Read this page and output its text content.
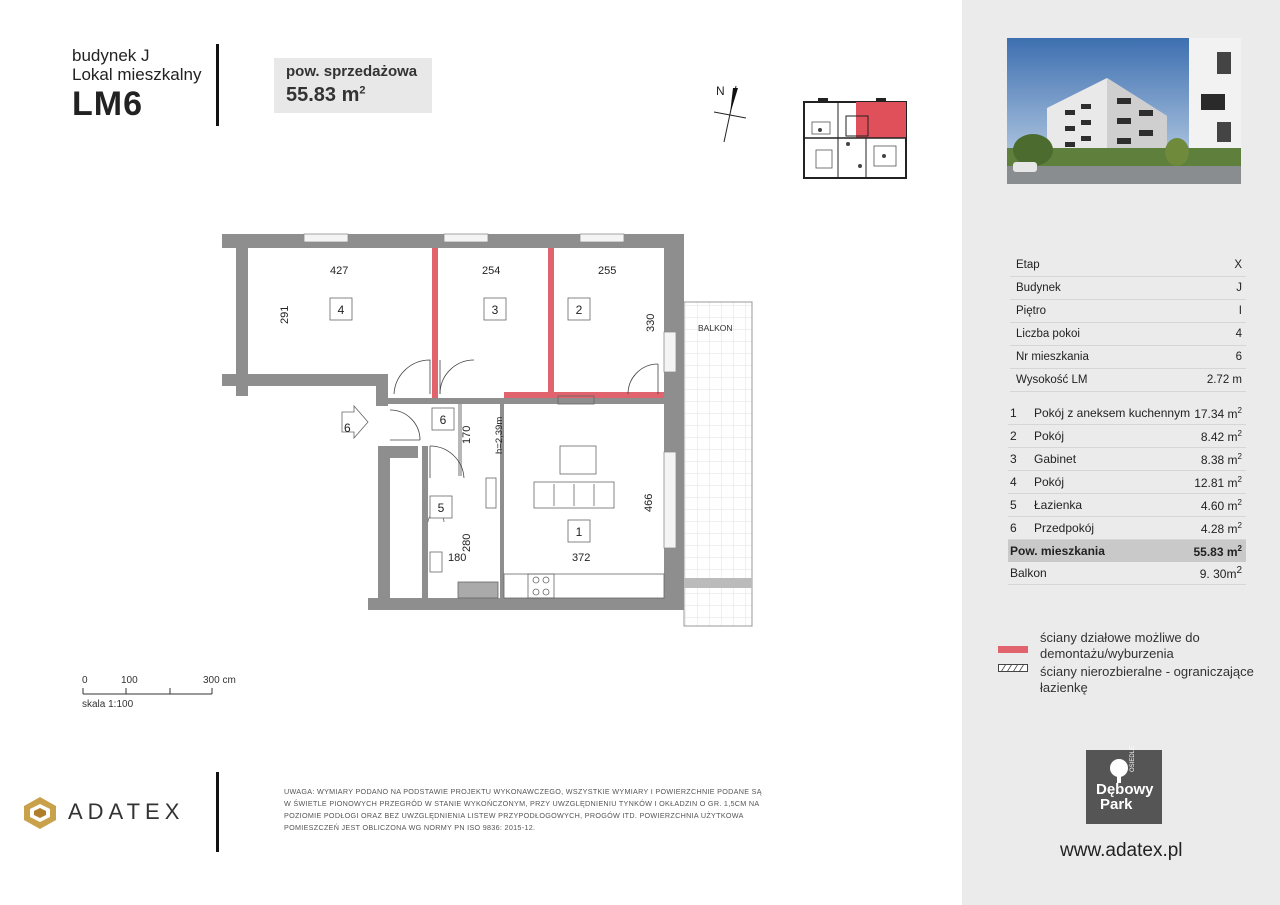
budynek J
Lokal mieszkalny
LM6
pow. sprzedażowa
55.83 $m^2$	N
BALKON
6
427	254	255
291	330
170 h=2,39m
466
280
180	372
4	3	2
6
5
1
0	100	300 cm
skala 1:100
Etap	X
Budynek	J
Piętro	I
Liczba pokoi	4
Nr mieszkania	6
Wysokość LM	2.72 m
1	Pokój z aneksem kuchennym 17.34 $m^2$
2	Pokój	8.42 $m^2$
3	Gabinet	8.38 $m^2$
4	Pokój	12.81 $m^2$
5	Łazienka	4.60 $m^2$
6	Przedpokój	4.28 $m^2$
Pow. mieszkania	55.83 $m^2$
Balkon	9. $30m^2$
ściany działowe możliwe do
demontażu/wyburzenia
ściany nierozbieralne - ograniczające
łazienkę
ADATEX
UWAGA: WYMIARY PODANO NA PODSTAWIE PROJEKTU WYKONAWCZEGO, WSZYSTKIE WYMIARY I POWIERZCHNIE PODANE SĄ W ŚWIETLE PIONOWYCH PRZEGRÓD W STANIE WYKOŃCZONYM, PRZY UWZGLĘDNIENIU TYNKÓW I OKŁADZIN O GR. 1,5CM NA POZIOMIE PODŁOGI ORAZ BEZ UWZGLĘDNIENIA LISTEW PRZYPODŁOGOWYCH, PROGÓW ITD. POWIERZCHNIA UŻYTKOWA POMIESZCZEŃ JEST OBLICZONA WG NORMY PN ISO 9836: 2015-12.
Dębowy
Park
OSIEDLE
www.adatex.pl
